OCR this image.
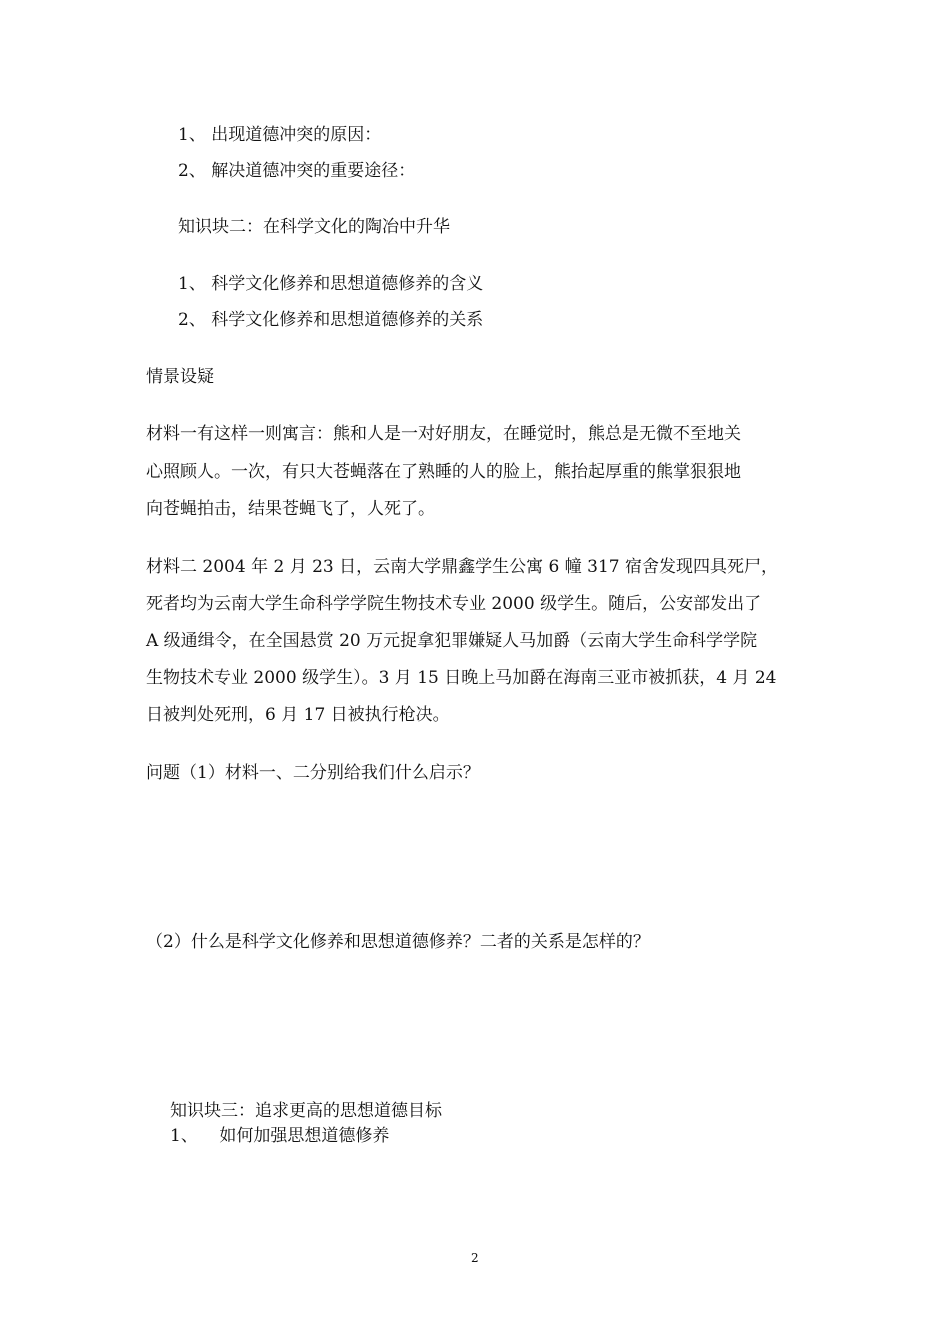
1、 出现道德冲突的原因：
2、 解决道德冲突的重要途径：
知识块二：在科学文化的陶冶中升华
1、 科学文化修养和思想道德修养的含义
2、 科学文化修养和思想道德修养的关系
情景设疑
材料一有这样一则寓言：熊和人是一对好朋友，在睡觉时，熊总是无微不至地关
心照顾人。一次，有只大苍蝇落在了熟睡的人的脸上，熊抬起厚重的熊掌狠狠地
向苍蝇拍击，结果苍蝇飞了，人死了。
材料二 2004 年 2 月 23 日，云南大学鼎鑫学生公寓 6 幢 317 宿舍发现四具死尸，
死者均为云南大学生命科学学院生物技术专业 2000 级学生。随后，公安部发出了
A 级通缉令，在全国悬赏 20 万元捉拿犯罪嫌疑人马加爵（云南大学生命科学学院
生物技术专业 2000 级学生）。3 月 15 日晚上马加爵在海南三亚市被抓获，4 月 24
日被判处死刑，6 月 17 日被执行枪决。
问题（1）材料一、二分别给我们什么启示？
（2）什么是科学文化修养和思想道德修养？二者的关系是怎样的？
知识块三：追求更高的思想道德目标
1、    如何加强思想道德修养
2
